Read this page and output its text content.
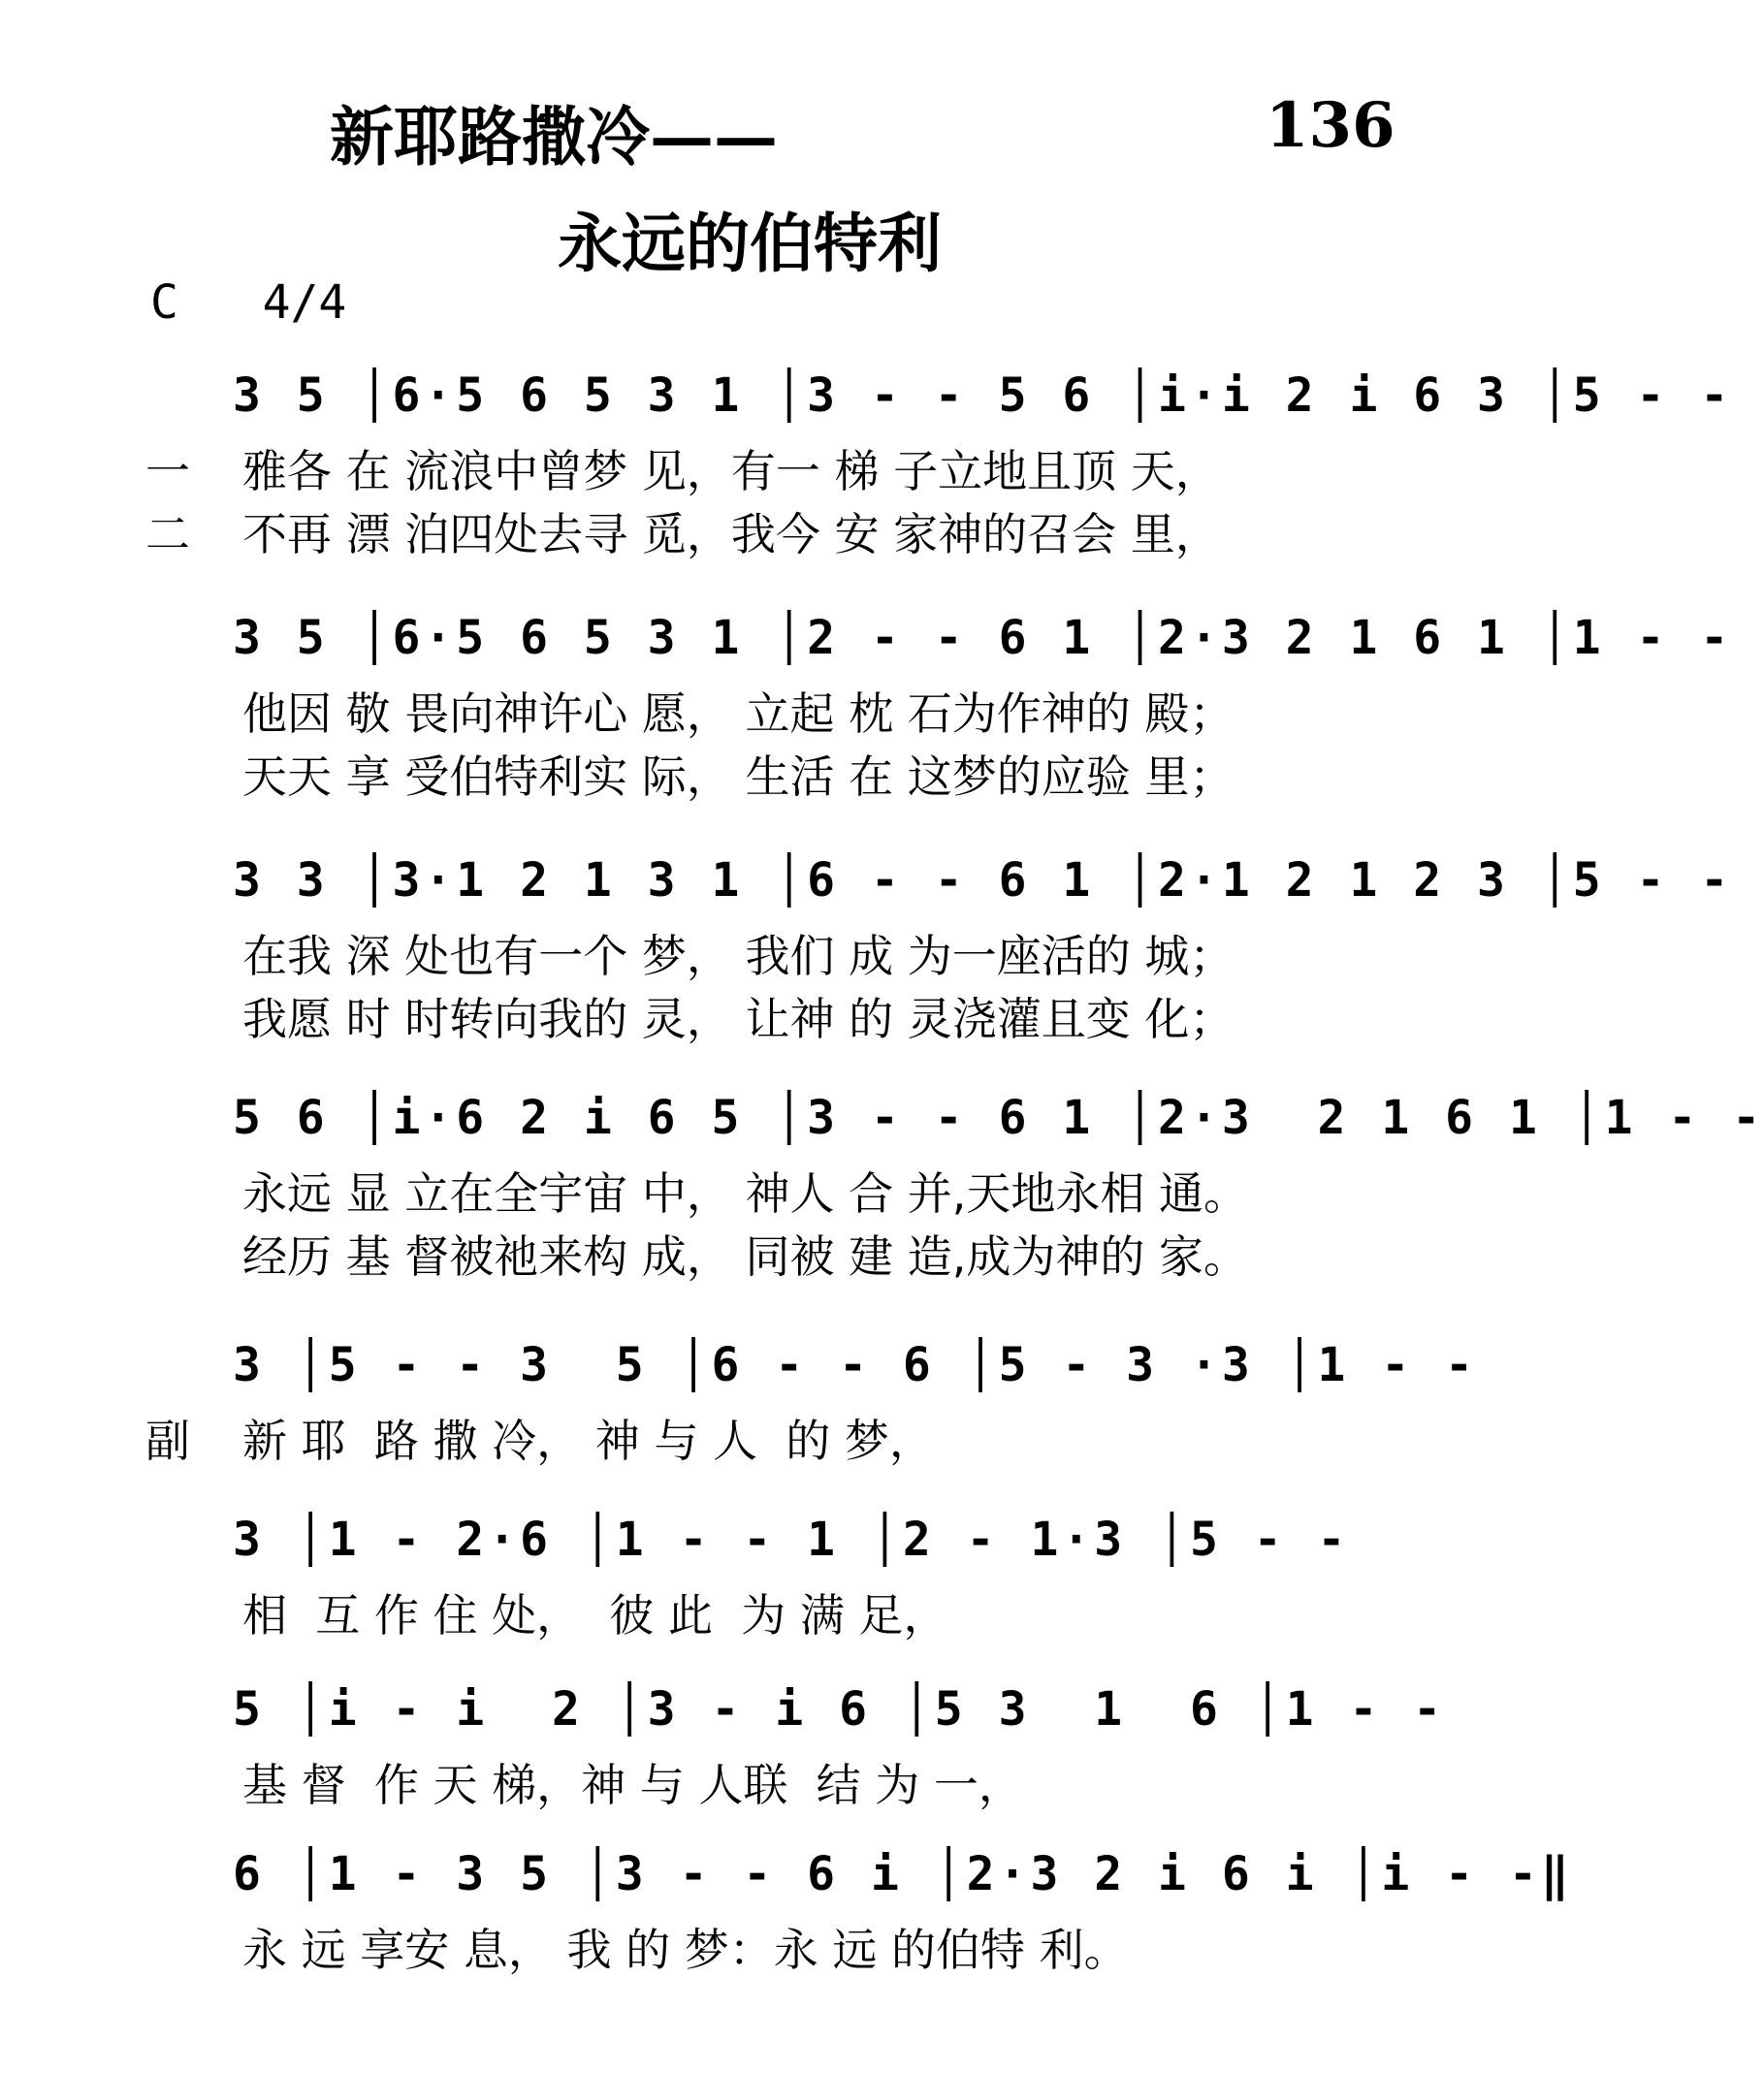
新耶路撒冷——	136
永远的伯特利
C   4/4
3 5 │6·5 6 5 3 1 │3 - - 5 6 │i·i 2 i 6 3 │5 - -
一 雅各 在 流浪中曾梦 见，有一 梯 子立地且顶 天，
二 不再 漂 泊四处去寻 觅，我今 安 家神的召会 里，
3 5 │6·5 6 5 3 1 │2 - - 6 1 │2·3 2 1 6 1 │1 - -
他因 敬 畏向神许心 愿， 立起 枕 石为作神的 殿；
天天 享 受伯特利实 际， 生活 在 这梦的应验 里；
3 3 │3·1 2 1 3 1 │6 - - 6 1 │2·1 2 1 2 3 │5 - -
在我 深 处也有一个 梦， 我们 成 为一座活的 城；
我愿 时 时转向我的 灵， 让神 的 灵浇灌且变 化；
5 6 │i·6 2 i 6 5 │3 - - 6 1 │2·3  2 1 6 1 │1 - -
永远 显 立在全宇宙 中， 神人 合 并,天地永相 通。
经历 基 督被祂来构 成， 同被 建 造,成为神的 家。
3 │5 - - 3  5 │6 - - 6 │5 - 3 ·3 │1 - -
副 新 耶  路 撒 冷， 神 与 人  的 梦，
3 │1 - 2·6 │1 - - 1 │2 - 1·3 │5 - -
相  互 作 住 处，  彼 此  为 满 足，
5 │i - i  2 │3 - i 6 │5 3  1  6 │1 - -
基 督  作 天 梯，神 与 人联  结 为 一，
6 │1 - 3 5 │3 - - 6 i │2·3 2 i 6 i │i - -‖
永 远 享安 息， 我 的 梦：永 远 的伯特 利。
